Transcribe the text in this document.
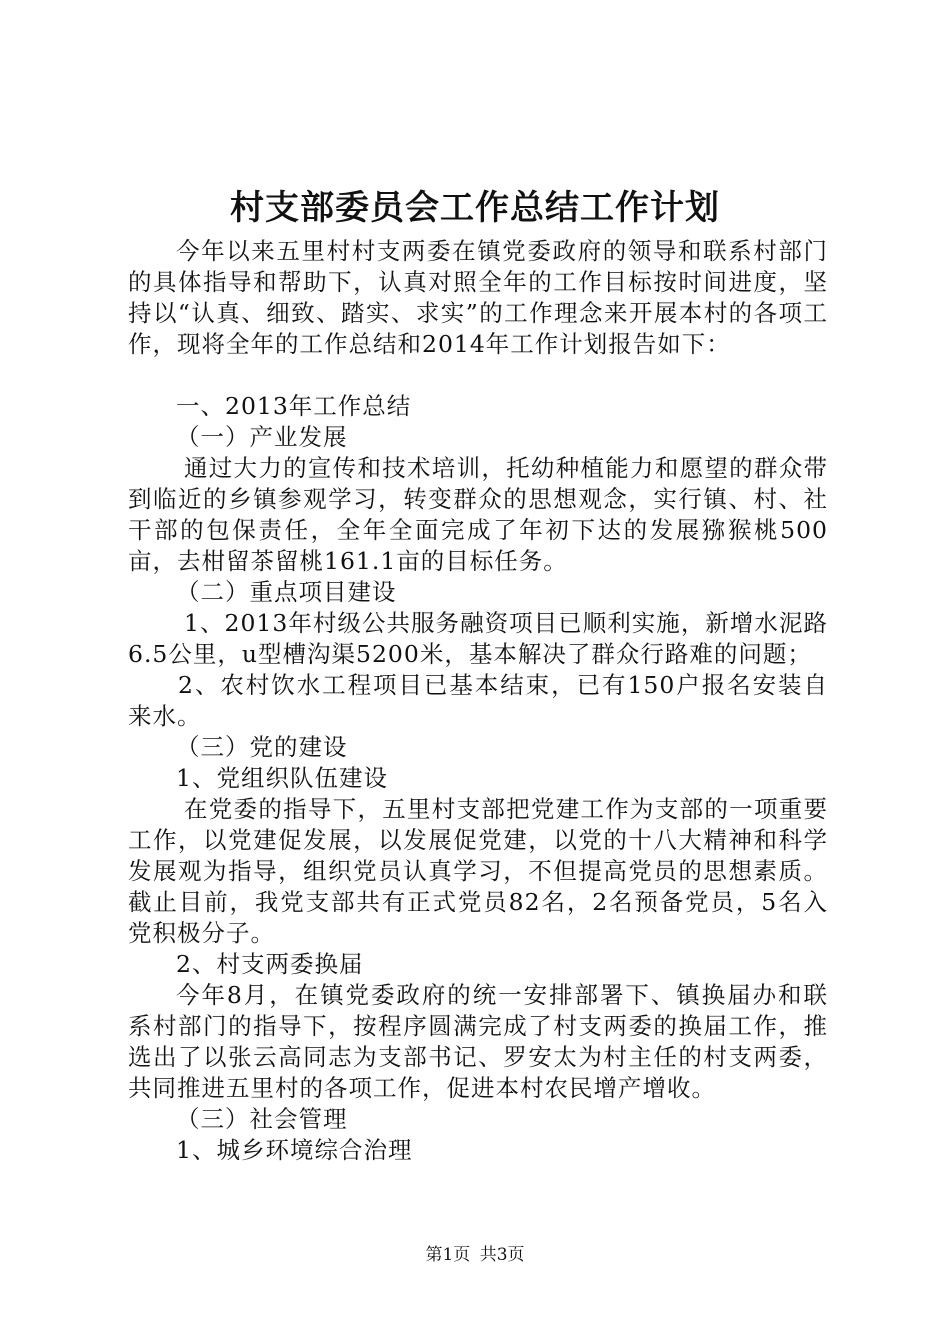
村支部委员会工作总结工作计划

今年以来五里村村支两委在镇党委政府的领导和联系村部门的具体指导和帮助下，认真对照全年的工作目标按时间进度，坚持以“认真、细致、踏实、求实”的工作理念来开展本村的各项工作，现将全年的工作总结和2014年工作计划报告如下：

一、2013年工作总结

（一）产业发展

通过大力的宣传和技术培训，托幼种植能力和愿望的群众带到临近的乡镇参观学习，转变群众的思想观念，实行镇、村、社干部的包保责任，全年全面完成了年初下达的发展猕猴桃500亩，去柑留茶留桃161.1亩的目标任务。

（二）重点项目建设

1、2013年村级公共服务融资项目已顺利实施，新增水泥路6.5公里，u型槽沟渠5200米，基本解决了群众行路难的问题；

2、农村饮水工程项目已基本结束，已有150户报名安装自来水。

（三）党的建设

1、党组织队伍建设

在党委的指导下，五里村支部把党建工作为支部的一项重要工作，以党建促发展，以发展促党建，以党的十八大精神和科学发展观为指导，组织党员认真学习，不但提高党员的思想素质。截止目前，我党支部共有正式党员82名，2名预备党员，5名入党积极分子。

2、村支两委换届

今年8月，在镇党委政府的统一安排部署下、镇换届办和联系村部门的指导下，按程序圆满完成了村支两委的换届工作，推选出了以张云高同志为支部书记、罗安太为村主任的村支两委，共同推进五里村的各项工作，促进本村农民增产增收。

（三）社会管理

1、城乡环境综合治理

第1页 共3页
